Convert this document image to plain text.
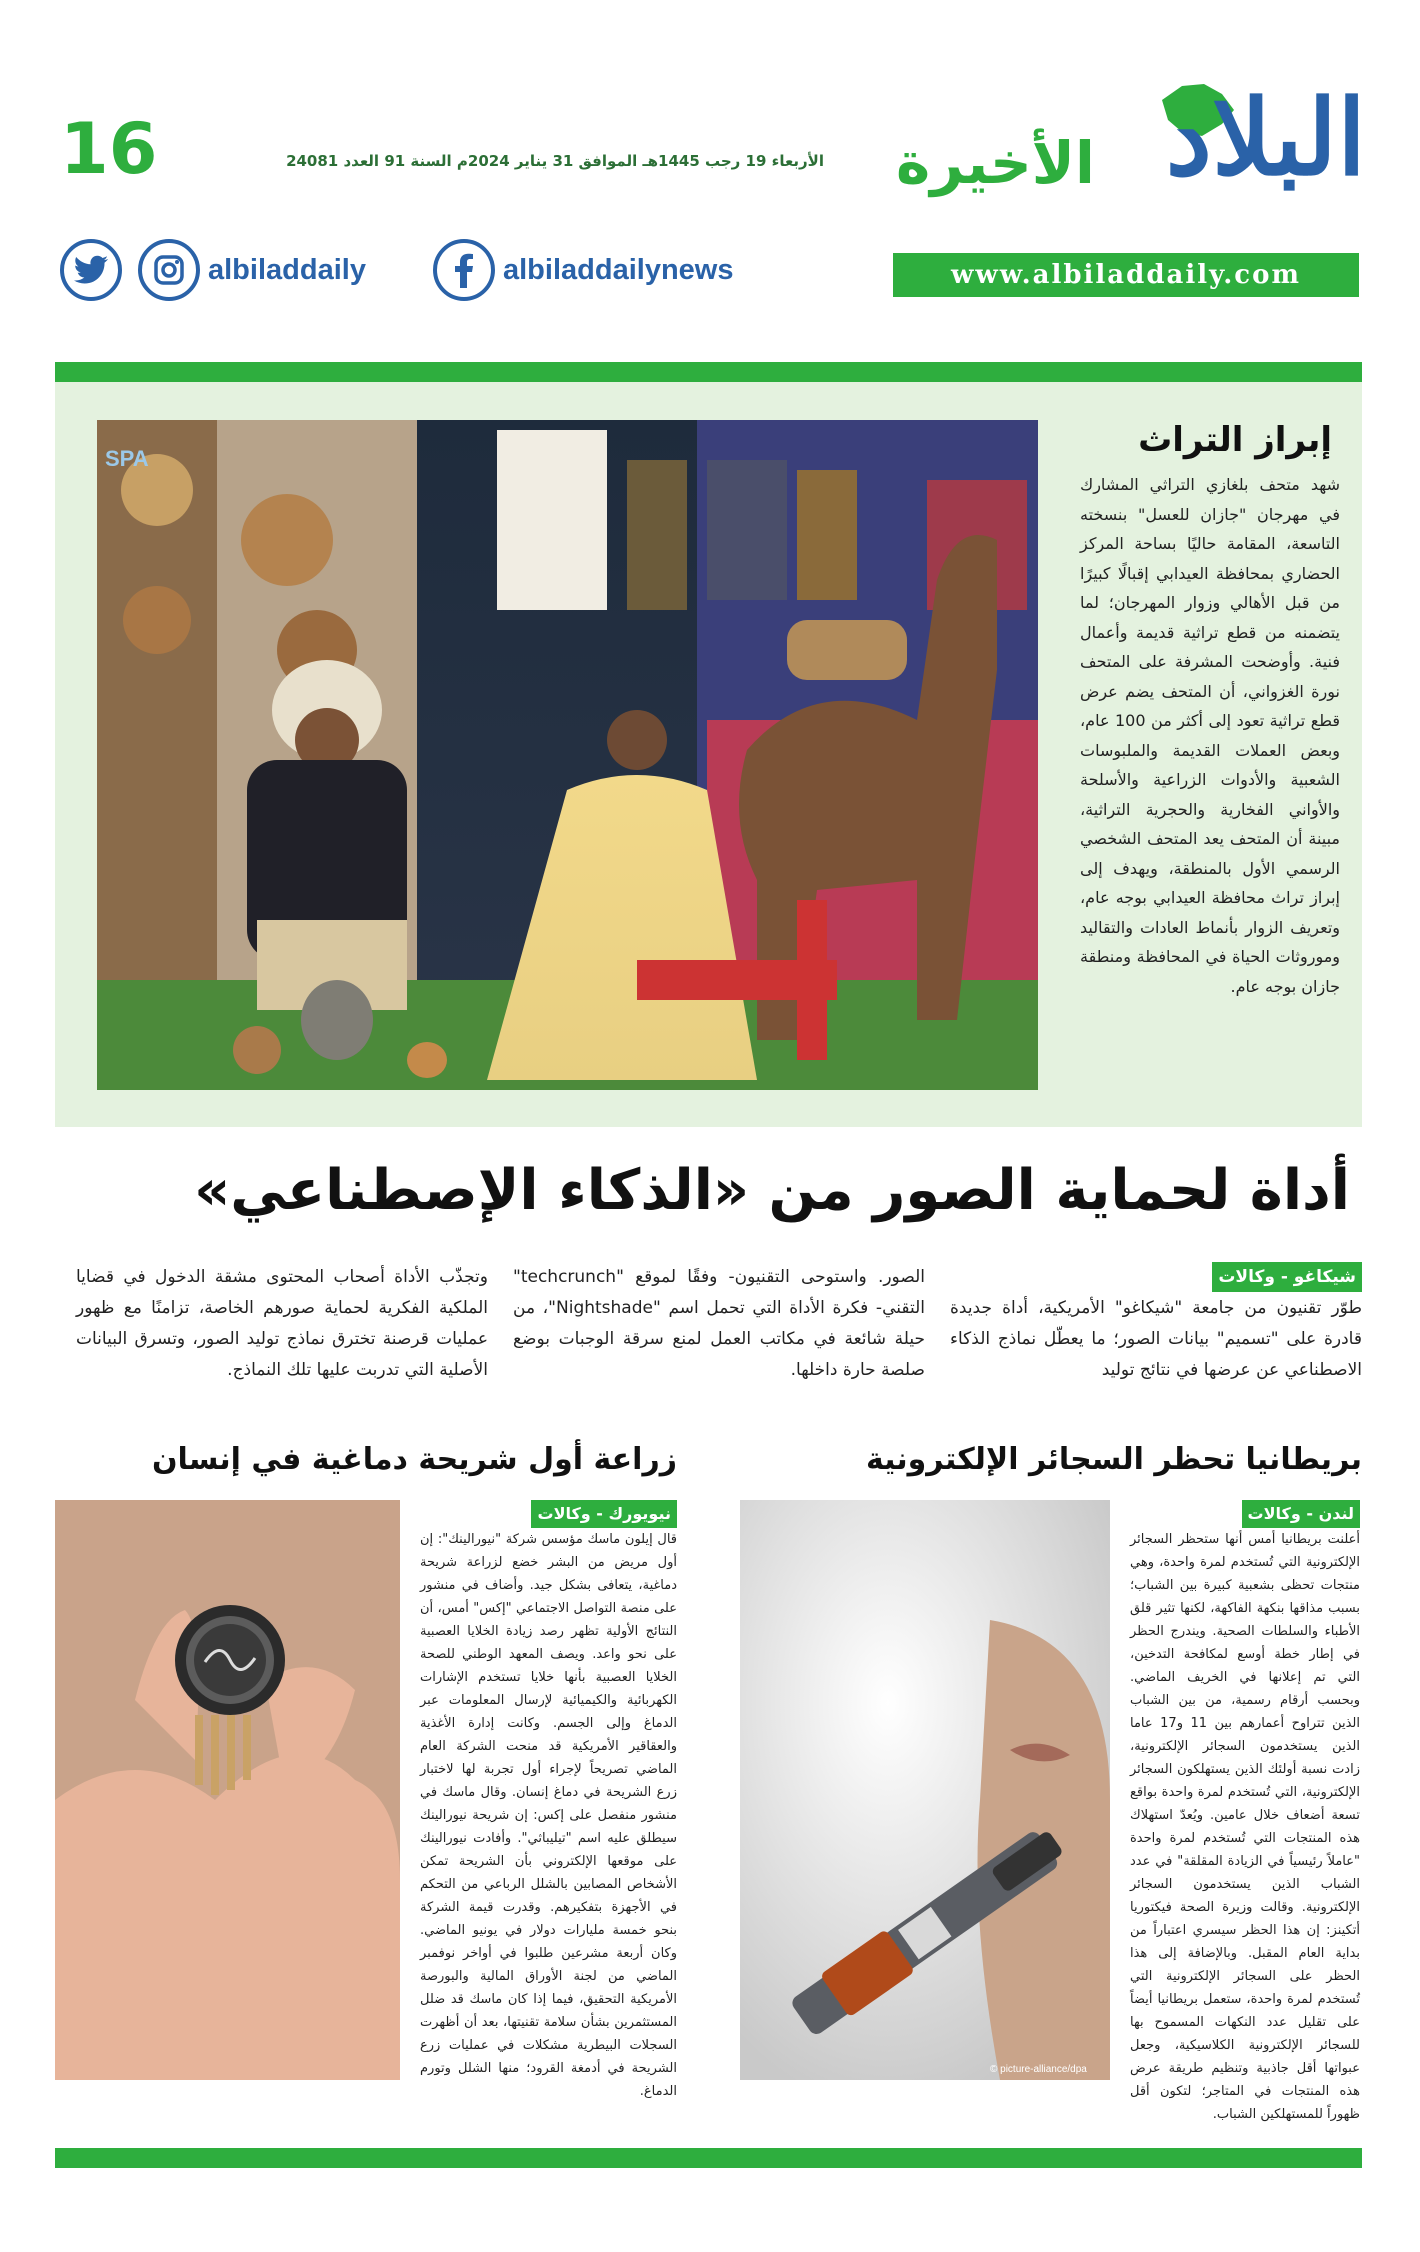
16	الأربعاء 19 رجب 1445هـ الموافق 31 يناير 2024م السنة 91 العدد 24081	البلاد
الأخيرة
www.albiladdaily.com
albiladdaily	albiladdailynews
SPA	إبراز التراث
شهد متحف بلغازي التراثي المشارك في مهرجان "جازان للعسل" بنسخته التاسعة، المقامة حاليًا بساحة المركز الحضاري بمحافظة العيدابي إقبالًا كبيرًا من قبل الأهالي وزوار المهرجان؛ لما يتضمنه من قطع تراثية قديمة وأعمال فنية. وأوضحت المشرفة على المتحف نورة الغزواني، أن المتحف يضم عرض قطع تراثية تعود إلى أكثر من 100 عام، وبعض العملات القديمة والملبوسات الشعبية والأدوات الزراعية والأسلحة والأواني الفخارية والحجرية التراثية، مبينة أن المتحف يعد المتحف الشخصي الرسمي الأول بالمنطقة، ويهدف إلى إبراز تراث محافظة العيدابي بوجه عام، وتعريف الزوار بأنماط العادات والتقاليد وموروثات الحياة في المحافظة ومنطقة جازان بوجه عام.
أداة لحماية الصور من «الذكاء الإصطناعي»
شيكاغو - وكالات
طوّر تقنيون من جامعة "شيكاغو" الأمريكية، أداة جديدة قادرة على "تسميم" بيانات الصور؛ ما يعطّل نماذج الذكاء الاصطناعي عن عرضها في نتائج توليد
الصور. واستوحى التقنيون- وفقًا لموقع "techcrunch" التقني- فكرة الأداة التي تحمل اسم "Nightshade"، من حيلة شائعة في مكاتب العمل لمنع سرقة الوجبات بوضع صلصة حارة داخلها.
وتجذّب الأداة أصحاب المحتوى مشقة الدخول في قضايا الملكية الفكرية لحماية صورهم الخاصة، تزامنًا مع ظهور عمليات قرصنة تخترق نماذج توليد الصور، وتسرق البيانات الأصلية التي تدربت عليها تلك النماذج.
بريطانيا تحظر السجائر الإلكترونية
© picture-alliance/dpa
لندن - وكالات
أعلنت بريطانيا أمس أنها ستحظر السجائر الإلكترونية التي تُستخدم لمرة واحدة، وهي منتجات تحظى بشعبية كبيرة بين الشباب؛ بسبب مذاقها بنكهة الفاكهة، لكنها تثير قلق الأطباء والسلطات الصحية. ويندرج الحظر في إطار خطة أوسع لمكافحة التدخين، التي تم إعلانها في الخريف الماضي. وبحسب أرقام رسمية، من بين الشباب الذين تتراوح أعمارهم بين 11 و17 عاما الذين يستخدمون السجائر الإلكترونية، زادت نسبة أولئك الذين يستهلكون السجائر الإلكترونية، التي تُستخدم لمرة واحدة بواقع تسعة أضعاف خلال عامين. ويُعدّ استهلاك هذه المنتجات التي تُستخدم لمرة واحدة "عاملاً رئيسياً في الزيادة المقلقة" في عدد الشباب الذين يستخدمون السجائر الإلكترونية. وقالت وزيرة الصحة فيكتوريا أتكينز: إن هذا الحظر سيسري اعتباراً من بداية العام المقبل. وبالإضافة إلى هذا الحظر على السجائر الإلكترونية التي تُستخدم لمرة واحدة، ستعمل بريطانيا أيضاً على تقليل عدد النكهات المسموح بها للسجائر الإلكترونية الكلاسيكية، وجعل عبواتها أقل جاذبية وتنظيم طريقة عرض هذه المنتجات في المتاجر؛ لتكون أقل ظهوراً للمستهلكين الشباب.
زراعة أول شريحة دماغية في إنسان
نيويورك - وكالات
قال إيلون ماسك مؤسس شركة "نيورالينك": إن أول مريض من البشر خضع لزراعة شريحة دماغية، يتعافى بشكل جيد. وأضاف في منشور على منصة التواصل الاجتماعي "إكس" أمس، أن النتائج الأولية تظهر رصد زيادة الخلايا العصبية على نحو واعد. ويصف المعهد الوطني للصحة الخلايا العصبية بأنها خلايا تستخدم الإشارات الكهربائية والكيميائية لإرسال المعلومات عبر الدماغ وإلى الجسم. وكانت إدارة الأغذية والعقاقير الأمريكية قد منحت الشركة العام الماضي تصريحاً لإجراء أول تجربة لها لاختبار زرع الشريحة في دماغ إنسان. وقال ماسك في منشور منفصل على إكس: إن شريحة نيورالينك سيطلق عليه اسم "تيليباثي". وأفادت نيورالينك على موقعها الإلكتروني بأن الشريحة تمكن الأشخاص المصابين بالشلل الرباعي من التحكم في الأجهزة بتفكيرهم. وقدرت قيمة الشركة بنحو خمسة مليارات دولار في يونيو الماضي. وكان أربعة مشرعين طلبوا في أواخر نوفمبر الماضي من لجنة الأوراق المالية والبورصة الأمريكية التحقيق، فيما إذا كان ماسك قد ضلل المستثمرين بشأن سلامة تقنيتها، بعد أن أظهرت السجلات البيطرية مشكلات في عمليات زرع الشريحة في أدمغة القرود؛ منها الشلل وتورم الدماغ.
